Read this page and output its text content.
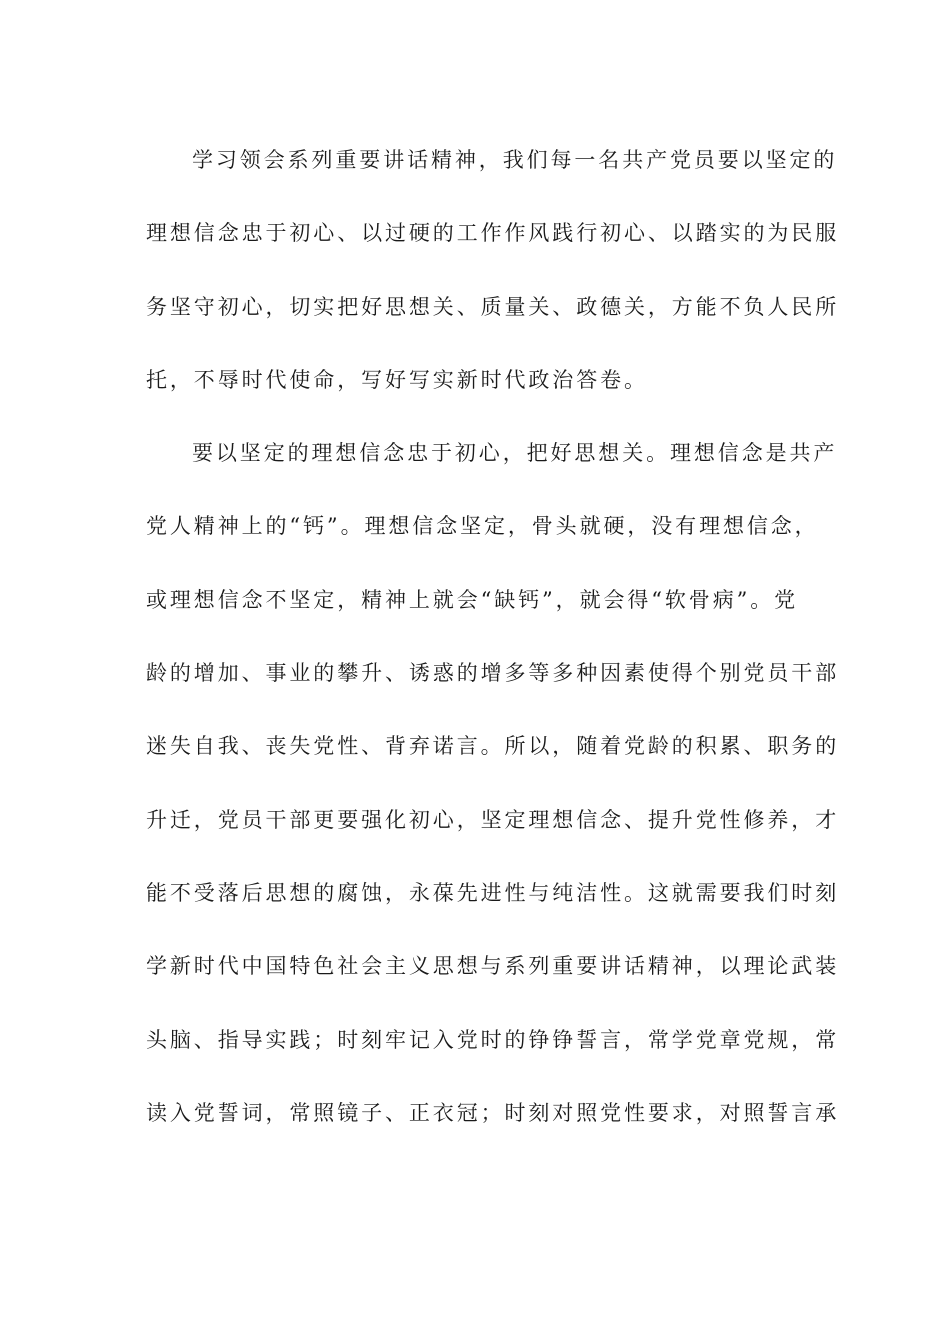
学习领会系列重要讲话精神，我们每一名共产党员要以坚定的
理想信念忠于初心、以过硬的工作作风践行初心、以踏实的为民服
务坚守初心，切实把好思想关、质量关、政德关，方能不负人民所
托，不辱时代使命，写好写实新时代政治答卷。

要以坚定的理想信念忠于初心，把好思想关。理想信念是共产
党人精神上的“钙”。理想信念坚定，骨头就硬，没有理想信念，
或理想信念不坚定，精神上就会“缺钙”，就会得“软骨病”。党
龄的增加、事业的攀升、诱惑的增多等多种因素使得个别党员干部
迷失自我、丧失党性、背弃诺言。所以，随着党龄的积累、职务的
升迁，党员干部更要强化初心，坚定理想信念、提升党性修养，才
能不受落后思想的腐蚀，永葆先进性与纯洁性。这就需要我们时刻
学新时代中国特色社会主义思想与系列重要讲话精神，以理论武装
头脑、指导实践；时刻牢记入党时的铮铮誓言，常学党章党规，常
读入党誓词，常照镜子、正衣冠；时刻对照党性要求，对照誓言承
